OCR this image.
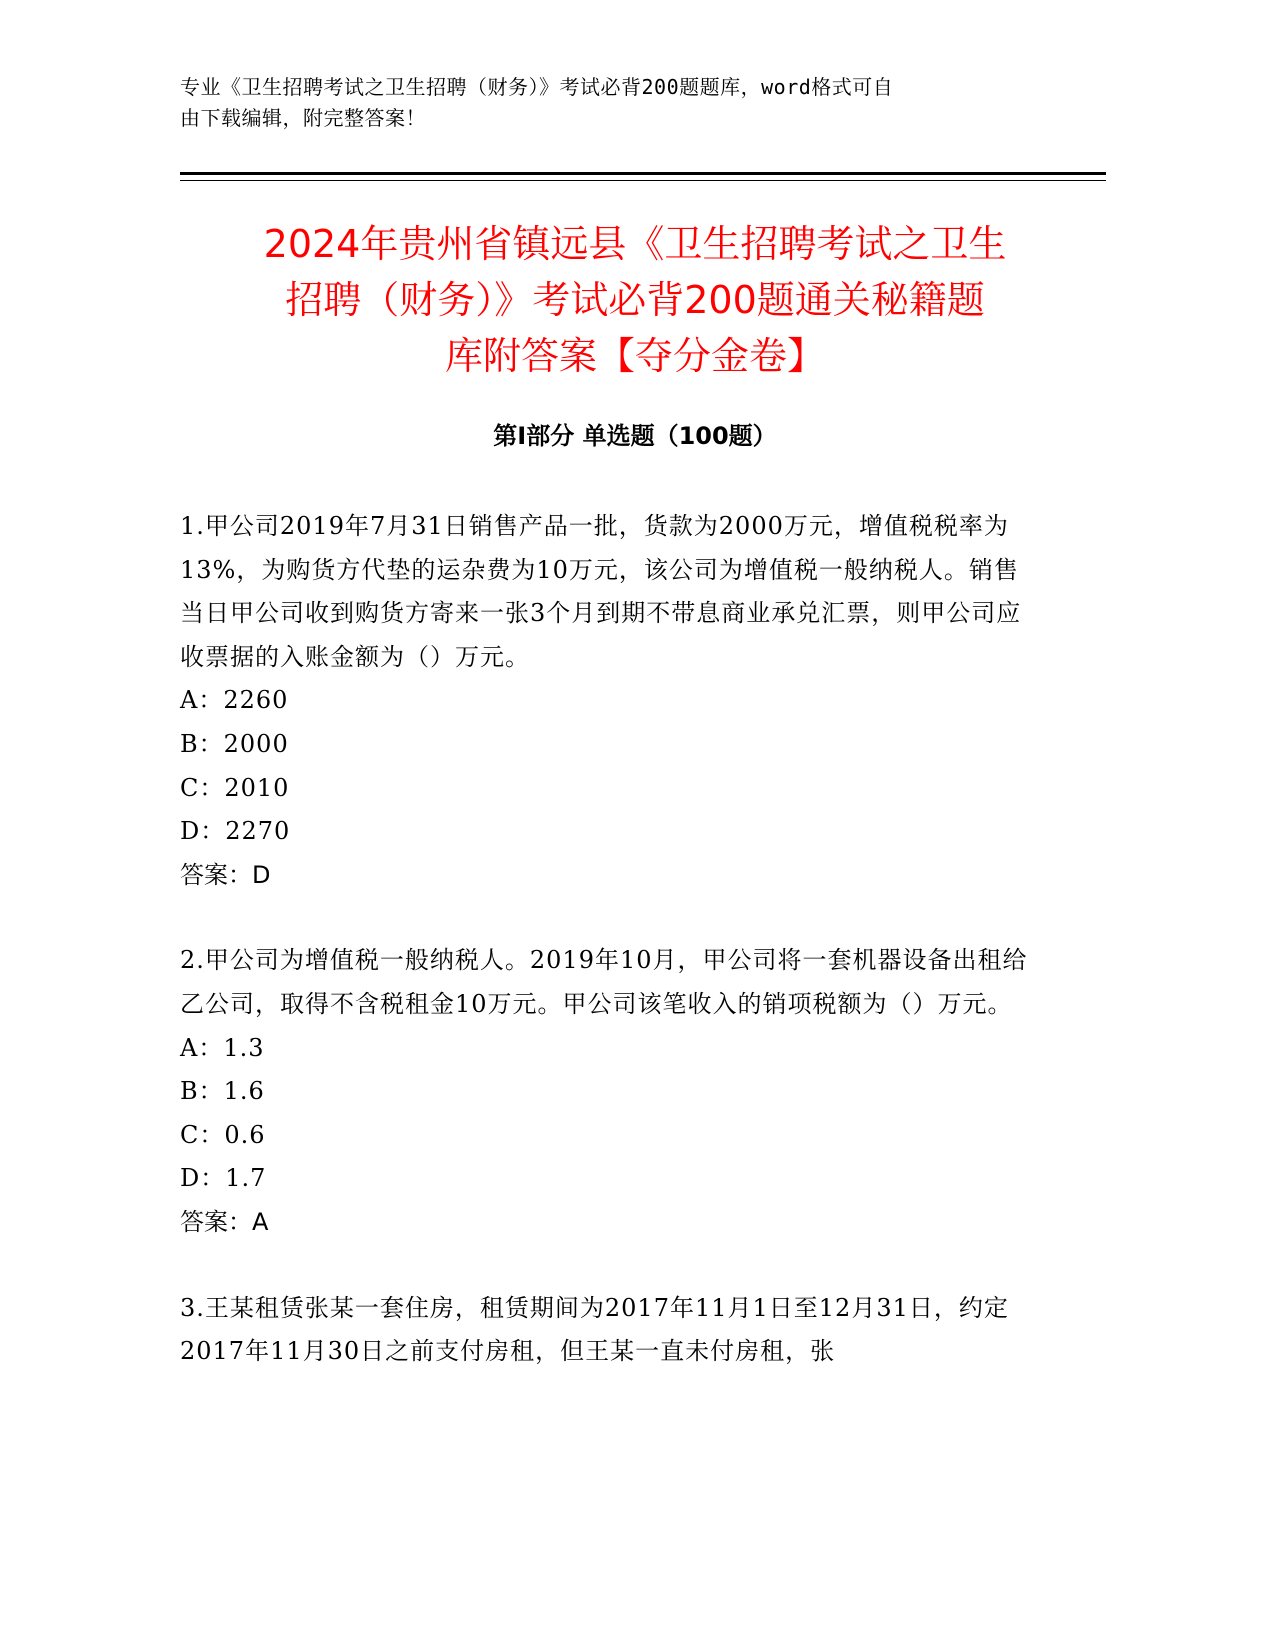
专业《卫生招聘考试之卫生招聘（财务）》考试必背200题题库，word格式可自
由下载编辑，附完整答案！
2024年贵州省镇远县《卫生招聘考试之卫生
招聘（财务）》考试必背200题通关秘籍题
库附答案【夺分金卷】
第Ⅰ部分 单选题（100题）
1.甲公司2019年7月31日销售产品一批，货款为2000万元，增值税税率为13%，为购货方代垫的运杂费为10万元，该公司为增值税一般纳税人。销售当日甲公司收到购货方寄来一张3个月到期不带息商业承兑汇票，则甲公司应收票据的入账金额为（）万元。
A：2260
B：2000
C：2010
D：2270
答案：D
2.甲公司为增值税一般纳税人。2019年10月，甲公司将一套机器设备出租给乙公司，取得不含税租金10万元。甲公司该笔收入的销项税额为（）万元。
A：1.3
B：1.6
C：0.6
D：1.7
答案：A
3.王某租赁张某一套住房，租赁期间为2017年11月1日至12月31日，约定2017年11月30日之前支付房租，但王某一直未付房租，张
